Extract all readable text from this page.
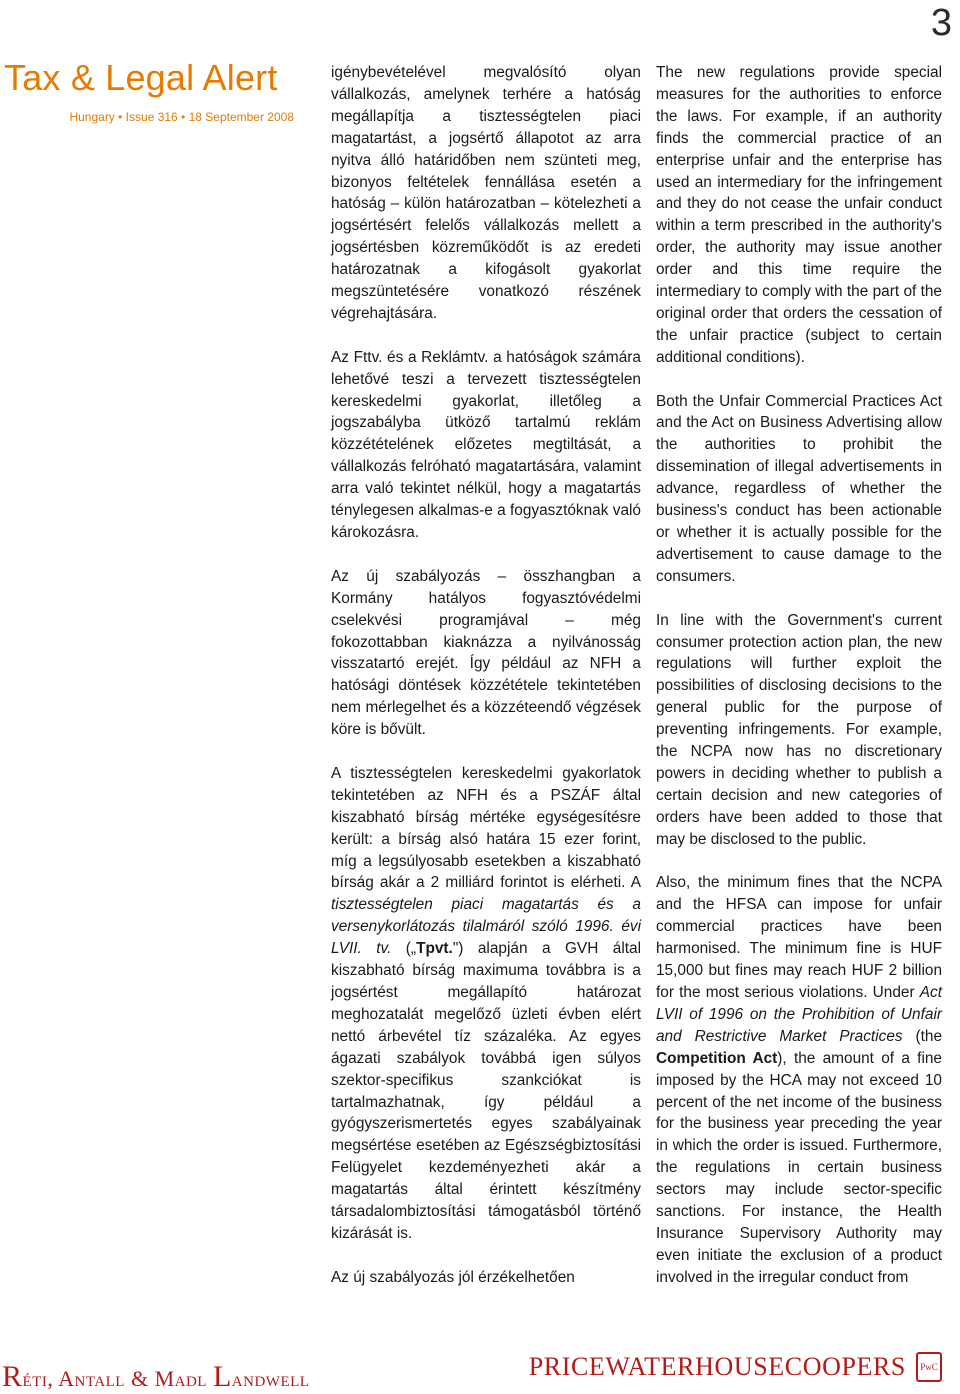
3
Tax & Legal Alert
Hungary • Issue 316 • 18 September 2008

igénybevételével megvalósító olyan vállalkozás, amelynek terhére a hatóság megállapítja a tisztességtelen piaci magatartást, a jogsértő állapotot az arra nyitva álló határidőben nem szünteti meg, bizonyos feltételek fennállása esetén a hatóság – külön határozatban – kötelezheti a jogsértésért felelős vállalkozás mellett a jogsértésben közreműködőt is az eredeti határozatnak a kifogásolt gyakorlat megszüntetésére vonatkozó részének végrehajtására.

Az Fttv. és a Reklámtv. a hatóságok számára lehetővé teszi a tervezett tisztességtelen kereskedelmi gyakorlat, illetőleg a jogszabályba ütköző tartalmú reklám közzétételének előzetes megtiltását, a vállalkozás felróható magatartására, valamint arra való tekintet nélkül, hogy a magatartás ténylegesen alkalmas-e a fogyasztóknak való károkozásra.

Az új szabályozás – összhangban a Kormány hatályos fogyasztóvédelmi cselekvési programjával – még fokozottabban kiaknázza a nyilvánosság visszatartó erejét. Így például az NFH a hatósági döntések közzététele tekintetében nem mérlegelhet és a közzéteendő végzések köre is bővült.

A tisztességtelen kereskedelmi gyakorlatok tekintetében az NFH és a PSZÁF által kiszabható bírság mértéke egységesítésre került: a bírság alsó határa 15 ezer forint, míg a legsúlyosabb esetekben a kiszabható bírság akár a 2 milliárd forintot is elérheti. A tisztességtelen piaci magatartás és a versenykorlátozás tilalmáról szóló 1996. évi LVII. tv. („Tpvt.") alapján a GVH által kiszabható bírság maximuma továbbra is a jogsértést megállapító határozat meghozatalát megelőző üzleti évben elért nettó árbevétel tíz százaléka. Az egyes ágazati szabályok továbbá igen súlyos szektor-specifikus szankciókat is tartalmazhatnak, így például a gyógyszerismertetés egyes szabályainak megsértése esetében az Egészségbiztosítási Felügyelet kezdeményezheti akár a magatartás által érintett készítmény társadalombiztosítási támogatásból történő kizárását is.

Az új szabályozás jól érzékelhetően

The new regulations provide special measures for the authorities to enforce the laws. For example, if an authority finds the commercial practice of an enterprise unfair and the enterprise has used an intermediary for the infringement and they do not cease the unfair conduct within a term prescribed in the authority's order, the authority may issue another order and this time require the intermediary to comply with the part of the original order that orders the cessation of the unfair practice (subject to certain additional conditions).

Both the Unfair Commercial Practices Act and the Act on Business Advertising allow the authorities to prohibit the dissemination of illegal advertisements in advance, regardless of whether the business's conduct has been actionable or whether it is actually possible for the advertisement to cause damage to the consumers.

In line with the Government's current consumer protection action plan, the new regulations will further exploit the possibilities of disclosing decisions to the general public for the purpose of preventing infringements. For example, the NCPA now has no discretionary powers in deciding whether to publish a certain decision and new categories of orders have been added to those that may be disclosed to the public.

Also, the minimum fines that the NCPA and the HFSA can impose for unfair commercial practices have been harmonised. The minimum fine is HUF 15,000 but fines may reach HUF 2 billion for the most serious violations. Under Act LVII of 1996 on the Prohibition of Unfair and Restrictive Market Practices (the Competition Act), the amount of a fine imposed by the HCA may not exceed 10 percent of the net income of the business for the business year preceding the year in which the order is issued. Furthermore, the regulations in certain business sectors may include sector-specific sanctions. For instance, the Health Insurance Supervisory Authority may even initiate the exclusion of a product involved in the irregular conduct from

Réti, Antall & Madl Landwell	PRICEWATERHOUSECOOPERS	PwC
